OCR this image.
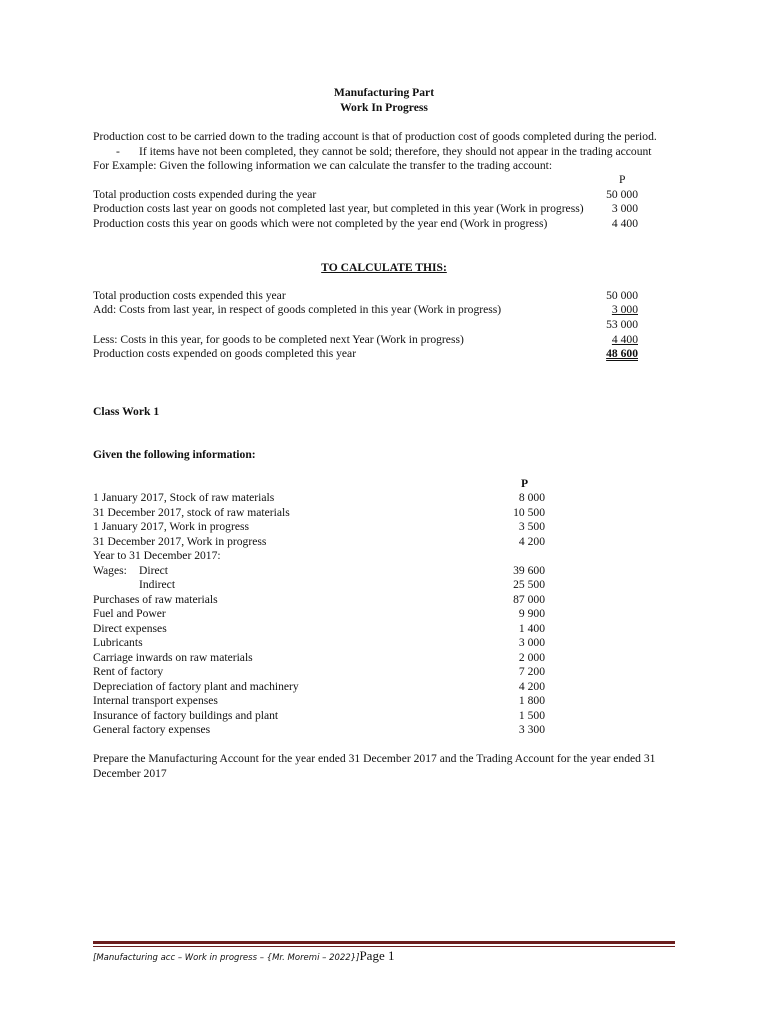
Manufacturing Part
Work In Progress
Production cost to be carried down to the trading account is that of production cost of goods completed during the period.
- If items have not been completed, they cannot be sold; therefore, they should not appear in the trading account
For Example: Given the following information we can calculate the transfer to the trading account:
P
Total production costs expended during the year	50 000
Production costs last year on goods not completed last year, but completed in this year (Work in progress) 3 000
Production costs this year on goods which were not completed by the year end (Work in progress)	4 400
TO CALCULATE THIS:
Total production costs expended this year	50 000
Add: Costs from last year, in respect of goods completed in this year (Work in progress)	3 000
53 000
Less: Costs in this year, for goods to be completed next Year (Work in progress)	4 400
Production costs expended on goods completed this year	48 600
Class Work 1
Given the following information:
P
1 January 2017, Stock of raw materials	8 000
31 December 2017, stock of raw materials	10 500
1 January 2017, Work in progress	3 500
31 December 2017, Work in progress	4 200
Year to 31 December 2017:
Wages: Direct	39 600
Indirect	25 500
Purchases of raw materials	87 000
Fuel and Power	9 900
Direct expenses	1 400
Lubricants	3 000
Carriage inwards on raw materials	2 000
Rent of factory	7 200
Depreciation of factory plant and machinery	4 200
Internal transport expenses	1 800
Insurance of factory buildings and plant	1 500
General factory expenses	3 300
Prepare the Manufacturing Account for the year ended 31 December 2017 and the Trading Account for the year ended 31
December 2017
[Manufacturing acc – Work in progress – {Mr. Moremi – 2022}]Page 1
